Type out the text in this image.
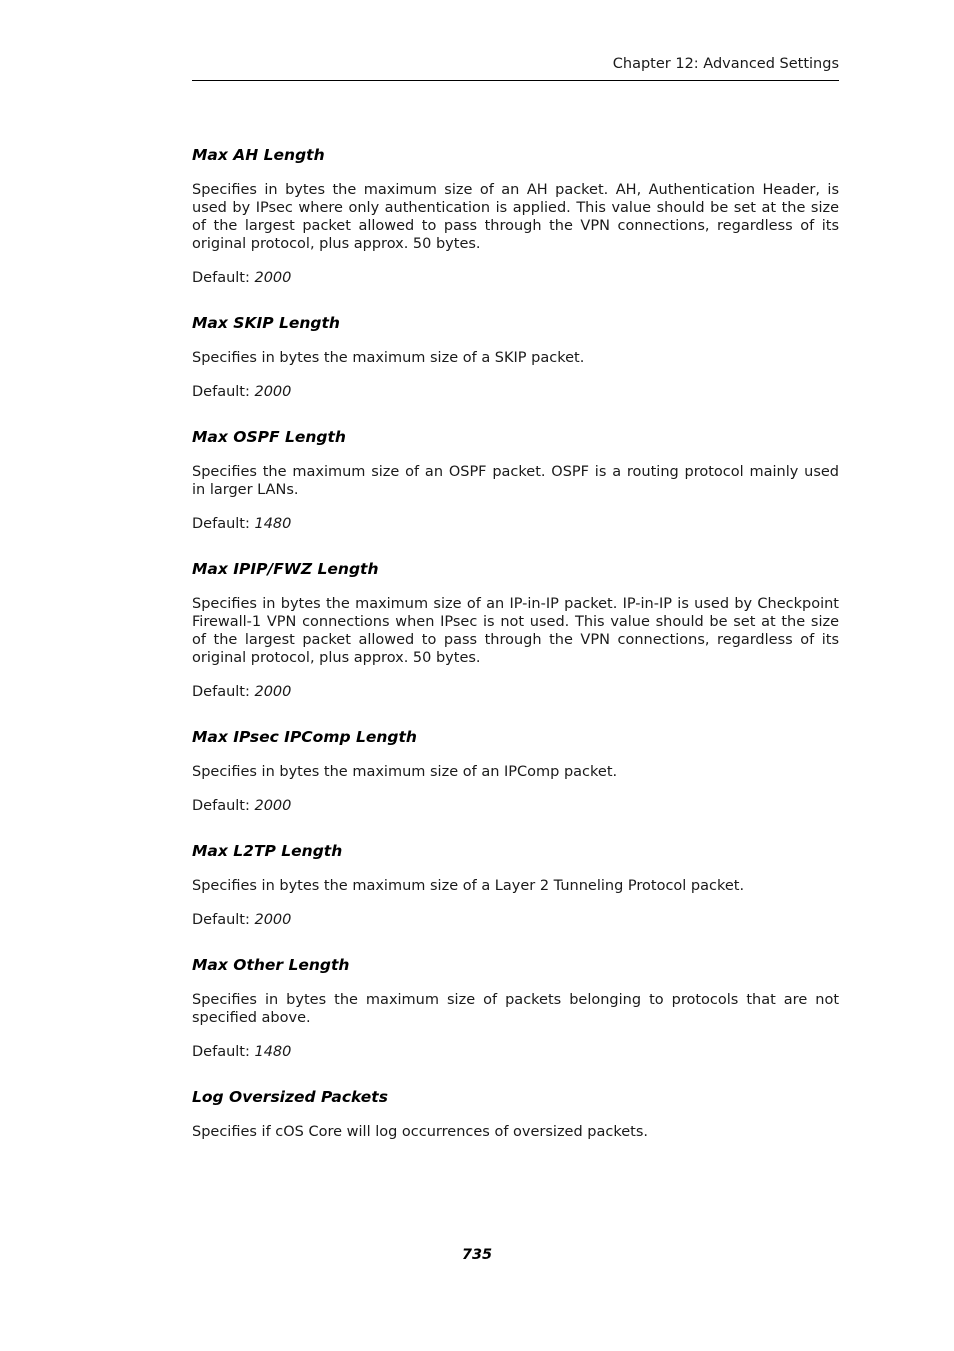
Chapter 12: Advanced Settings
Max AH Length

Specifies in bytes the maximum size of an AH packet. AH, Authentication Header, is used by IPsec where only authentication is applied. This value should be set at the size of the largest packet allowed to pass through the VPN connections, regardless of its original protocol, plus approx. 50 bytes.

Default: 2000

Max SKIP Length

Specifies in bytes the maximum size of a SKIP packet.

Default: 2000

Max OSPF Length

Specifies the maximum size of an OSPF packet. OSPF is a routing protocol mainly used in larger LANs.

Default: 1480

Max IPIP/FWZ Length

Specifies in bytes the maximum size of an IP-in-IP packet. IP-in-IP is used by Checkpoint Firewall-1 VPN connections when IPsec is not used. This value should be set at the size of the largest packet allowed to pass through the VPN connections, regardless of its original protocol, plus approx. 50 bytes.

Default: 2000

Max IPsec IPComp Length

Specifies in bytes the maximum size of an IPComp packet.

Default: 2000

Max L2TP Length

Specifies in bytes the maximum size of a Layer 2 Tunneling Protocol packet.

Default: 2000

Max Other Length

Specifies in bytes the maximum size of packets belonging to protocols that are not specified above.

Default: 1480

Log Oversized Packets

Specifies if cOS Core will log occurrences of oversized packets.

735
